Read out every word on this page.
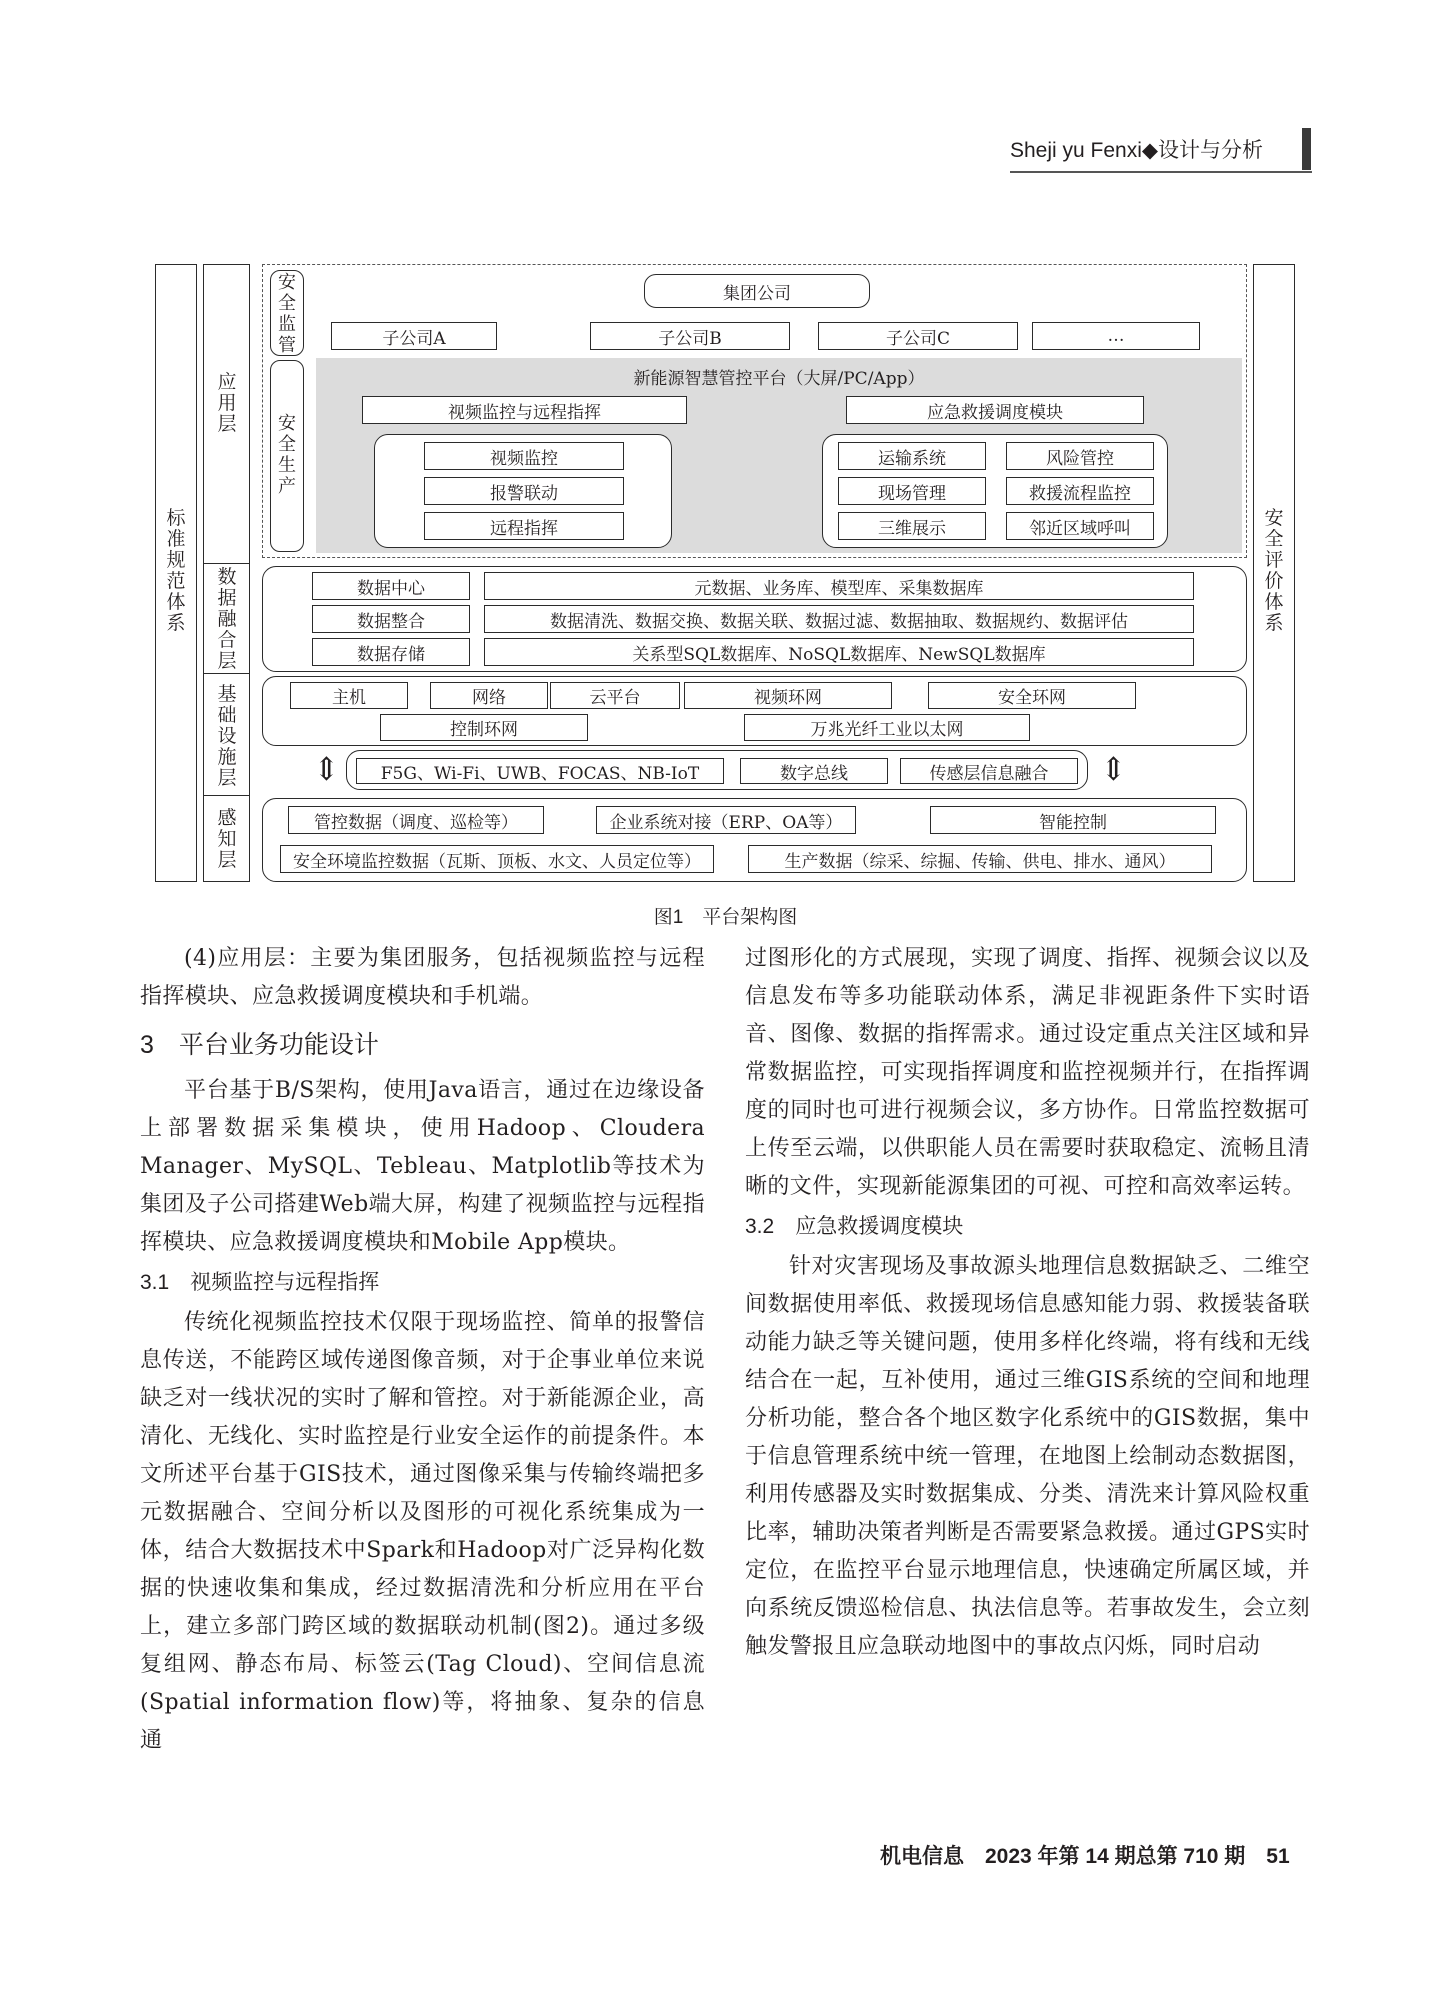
Sheji yu Fenxi◆设计与分析
标准规范体系
安全评价体系
应用层
数据融合层
基础设施层
感知层
安全监管
安全生产
集团公司
子公司A	子公司B	子公司C	…
新能源智慧管控平台（大屏/PC/App）
视频监控与远程指挥	应急救援调度模块
视频监控
报警联动
远程指挥
运输系统	风险管控
现场管理	救援流程监控
三维展示	邻近区域呼叫
数据中心	元数据、业务库、模型库、采集数据库
数据整合	数据清洗、数据交换、数据关联、数据过滤、数据抽取、数据规约、数据评估
数据存储	关系型SQL数据库、NoSQL数据库、NewSQL数据库
主机	网络	云平台	视频环网	安全环网
控制环网	万兆光纤工业以太网
⇕	⇕
F5G、Wi-Fi、UWB、FOCAS、NB-IoT	数字总线	传感层信息融合
管控数据（调度、巡检等）	企业系统对接（ERP、OA等）	智能控制
安全环境监控数据（瓦斯、顶板、水文、人员定位等）	生产数据（综采、综掘、传输、供电、排水、通风）
图1　平台架构图

(4)应用层：主要为集团服务，包括视频监控与远程指挥模块、应急救援调度模块和手机端。

3　平台业务功能设计

平台基于B/S架构，使用Java语言，通过在边缘设备上部署数据采集模块，使用Hadoop、Cloudera Manager、MySQL、Tebleau、Matplotlib等技术为集团及子公司搭建Web端大屏，构建了视频监控与远程指挥模块、应急救援调度模块和Mobile App模块。

3.1　视频监控与远程指挥

传统化视频监控技术仅限于现场监控、简单的报警信息传送，不能跨区域传递图像音频，对于企事业单位来说缺乏对一线状况的实时了解和管控。对于新能源企业，高清化、无线化、实时监控是行业安全运作的前提条件。本文所述平台基于GIS技术，通过图像采集与传输终端把多元数据融合、空间分析以及图形的可视化系统集成为一体，结合大数据技术中Spark和Hadoop对广泛异构化数据的快速收集和集成，经过数据清洗和分析应用在平台上，建立多部门跨区域的数据联动机制(图2)。通过多级复组网、静态布局、标签云(Tag Cloud)、空间信息流(Spatial information flow)等，将抽象、复杂的信息通

过图形化的方式展现，实现了调度、指挥、视频会议以及信息发布等多功能联动体系，满足非视距条件下实时语音、图像、数据的指挥需求。通过设定重点关注区域和异常数据监控，可实现指挥调度和监控视频并行，在指挥调度的同时也可进行视频会议，多方协作。日常监控数据可上传至云端，以供职能人员在需要时获取稳定、流畅且清晰的文件，实现新能源集团的可视、可控和高效率运转。

3.2　应急救援调度模块

针对灾害现场及事故源头地理信息数据缺乏、二维空间数据使用率低、救援现场信息感知能力弱、救援装备联动能力缺乏等关键问题，使用多样化终端，将有线和无线结合在一起，互补使用，通过三维GIS系统的空间和地理分析功能，整合各个地区数字化系统中的GIS数据，集中于信息管理系统中统一管理，在地图上绘制动态数据图，利用传感器及实时数据集成、分类、清洗来计算风险权重比率，辅助决策者判断是否需要紧急救援。通过GPS实时定位，在监控平台显示地理信息，快速确定所属区域，并向系统反馈巡检信息、执法信息等。若事故发生，会立刻触发警报且应急联动地图中的事故点闪烁，同时启动

机电信息　2023 年第 14 期总第 710 期　51
